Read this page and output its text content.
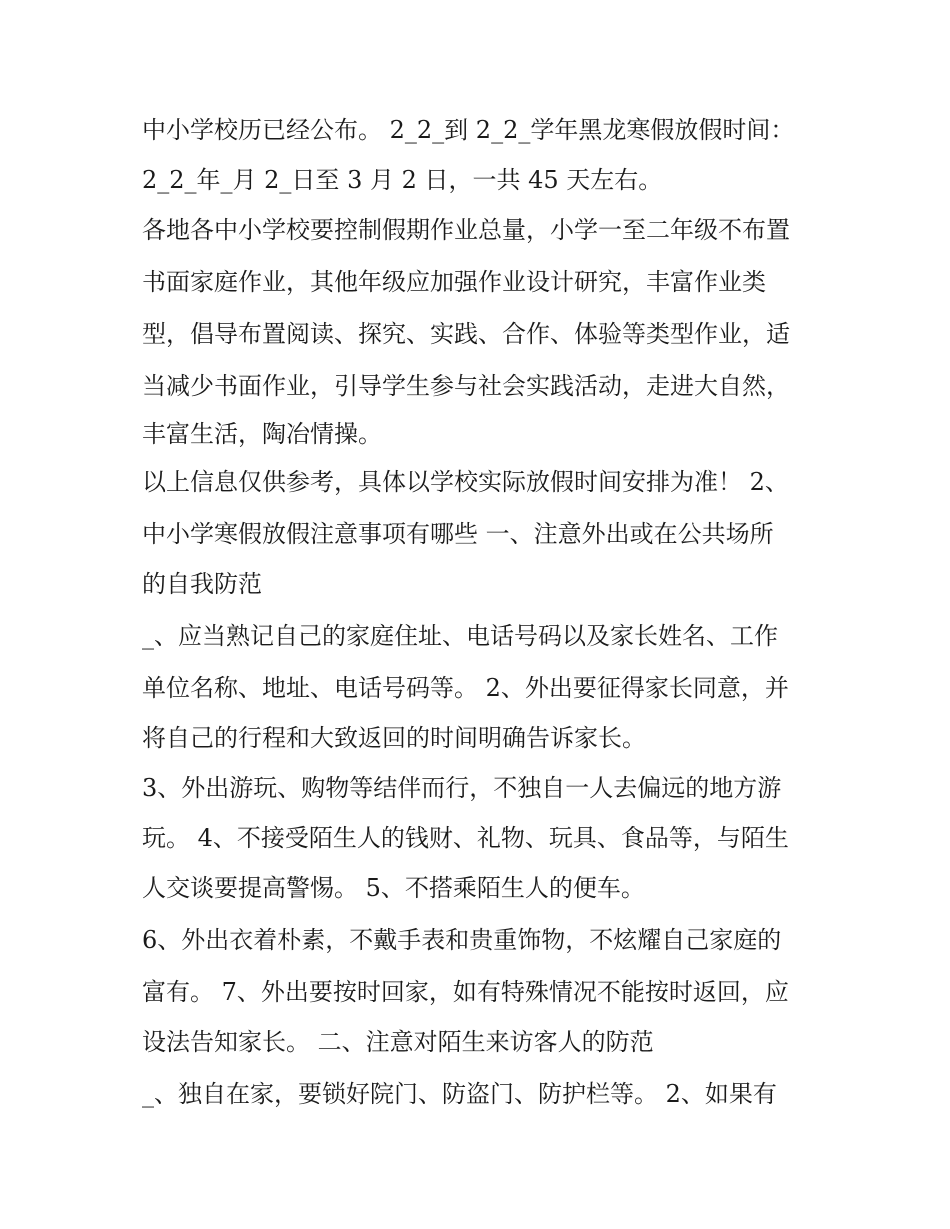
中小学校历已经公布。 2_2_到 2_2_学年黑龙寒假放假时间：
2_2_年_月 2_日至 3 月 2 日，一共 45 天左右。
各地各中小学校要控制假期作业总量，小学一至二年级不布置
书面家庭作业，其他年级应加强作业设计研究，丰富作业类
型，倡导布置阅读、探究、实践、合作、体验等类型作业，适
当减少书面作业，引导学生参与社会实践活动，走进大自然，
丰富生活，陶冶情操。
以上信息仅供参考，具体以学校实际放假时间安排为准！ 2、
中小学寒假放假注意事项有哪些 一、注意外出或在公共场所
的自我防范
_、应当熟记自己的家庭住址、电话号码以及家长姓名、工作
单位名称、地址、电话号码等。 2、外出要征得家长同意，并
将自己的行程和大致返回的时间明确告诉家长。
3、外出游玩、购物等结伴而行，不独自一人去偏远的地方游
玩。 4、不接受陌生人的钱财、礼物、玩具、食品等，与陌生
人交谈要提高警惕。 5、不搭乘陌生人的便车。
6、外出衣着朴素，不戴手表和贵重饰物，不炫耀自己家庭的
富有。 7、外出要按时回家，如有特殊情况不能按时返回，应
设法告知家长。 二、注意对陌生来访客人的防范
_、独自在家，要锁好院门、防盗门、防护栏等。 2、如果有
